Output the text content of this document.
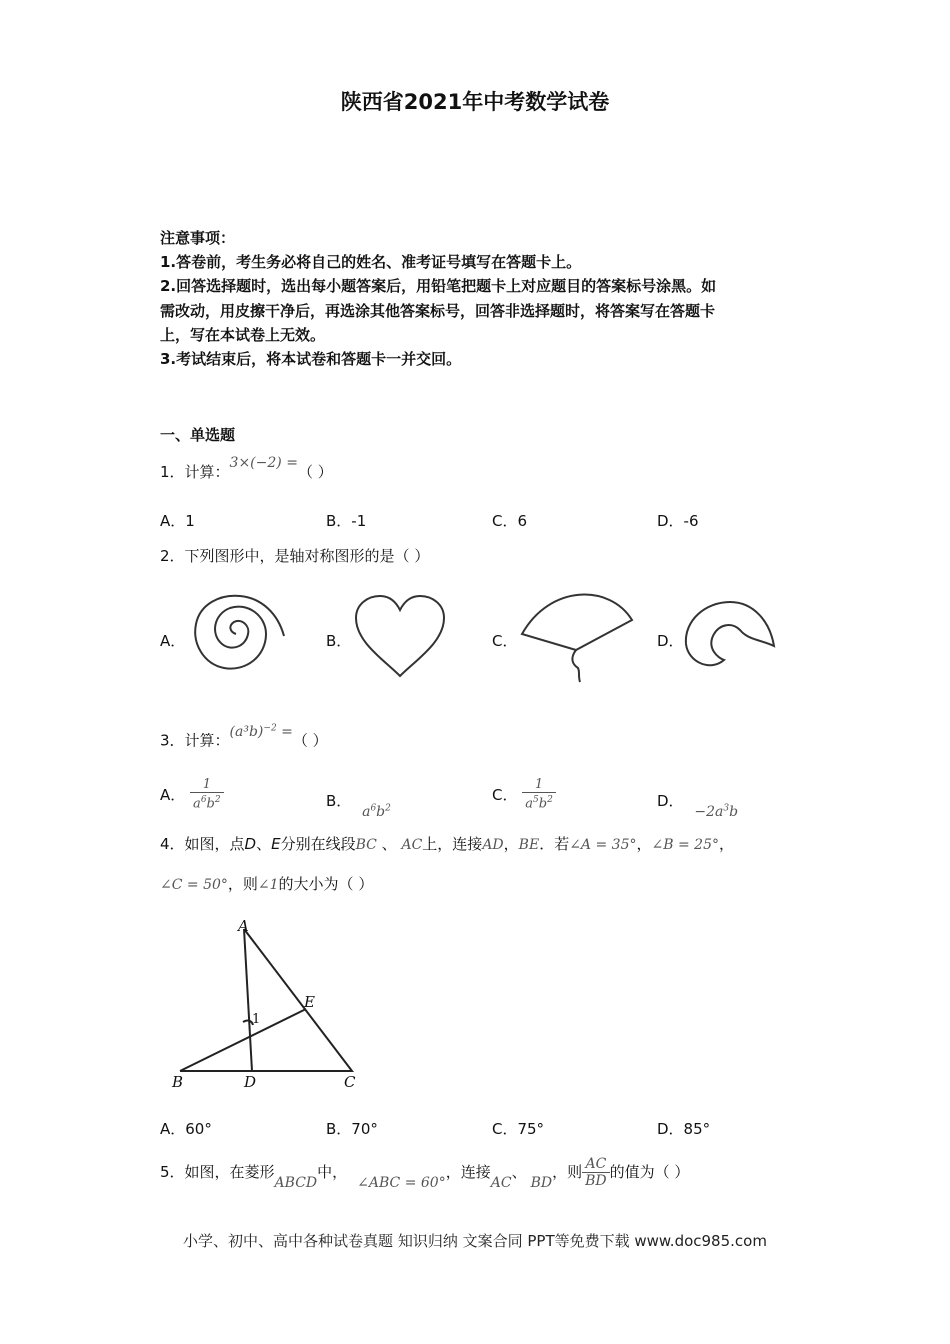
陕西省2021年中考数学试卷
注意事项：
1.答卷前，考生务必将自己的姓名、准考证号填写在答题卡上。
2.回答选择题时，选出每小题答案后，用铅笔把题卡上对应题目的答案标号涂黑。如
需改动，用皮擦干净后，再选涂其他答案标号，回答非选择题时，将答案写在答题卡
上，写在本试卷上无效。
3.考试结束后，将本试卷和答题卡一并交回。
一、单选题
1．计算：3×(−2) =（ ）
A．1	B．-1	C．6	D．-6
2．下列图形中，是轴对称图形的是（ ）
A．	B．	C．	D．
3．计算：$(a^3b)^{-2}$ =（ ）
A． $\frac{1}{a^6b^2}$	B． $a^6b^2$
C． $\frac{1}{a^5b^2}$	D． $-2a^3b$
4．如图，点D、E分别在线段BC 、 AC上，连接AD，BE．若∠A = 35°，∠B = 25°，
∠C = 50°，则∠1的大小为（ ）
A
B	C
D
E
1
A．60°	B．70°	C．75°	D．85°
5．如图，在菱形ABCD中，∠ABC = 60°，连接AC、BD，则 $\frac{AC}{BD}$ 的值为（ ）
小学、初中、高中各种试卷真题 知识归纳 文案合同 PPT等免费下载 www.doc985.com
